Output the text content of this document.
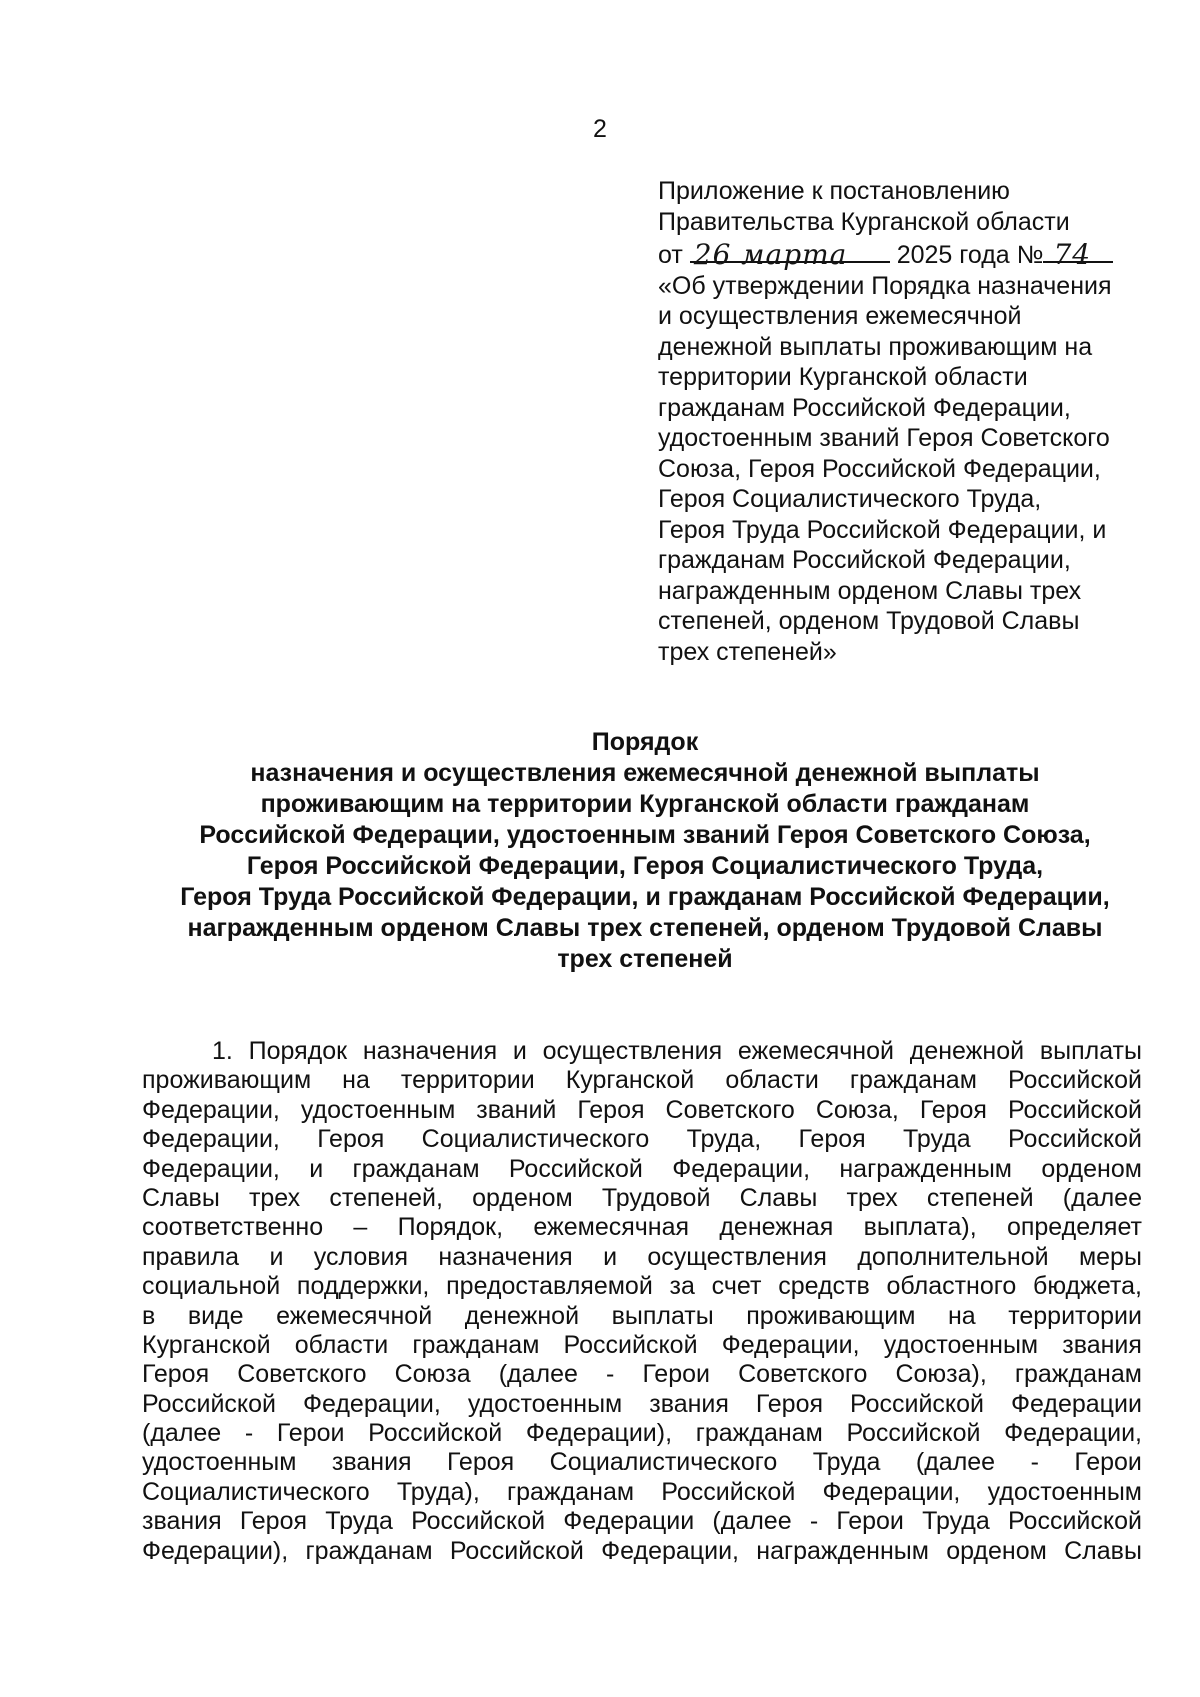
2
Приложение к постановлению
Правительства Курганской области
от 26 марта 2025 года № 74
«Об утверждении Порядка назначения
и осуществления ежемесячной
денежной выплаты проживающим на
территории Курганской области
гражданам Российской Федерации,
удостоенным званий Героя Советского
Союза, Героя Российской Федерации,
Героя Социалистического Труда,
Героя Труда Российской Федерации, и
гражданам Российской Федерации,
награжденным орденом Славы трех
степеней, орденом Трудовой Славы
трех степеней»
Порядок
назначения и осуществления ежемесячной денежной выплаты
проживающим на территории Курганской области гражданам
Российской Федерации, удостоенным званий Героя Советского Союза,
Героя Российской Федерации, Героя Социалистического Труда,
Героя Труда Российской Федерации, и гражданам Российской Федерации,
награжденным орденом Славы трех степеней, орденом Трудовой Славы
трех степеней
1. Порядок назначения и осуществления ежемесячной денежной выплаты
проживающим на территории Курганской области гражданам Российской
Федерации, удостоенным званий Героя Советского Союза, Героя Российской
Федерации, Героя Социалистического Труда, Героя Труда Российской
Федерации, и гражданам Российской Федерации, награжденным орденом
Славы трех степеней, орденом Трудовой Славы трех степеней (далее
соответственно – Порядок, ежемесячная денежная выплата), определяет
правила и условия назначения и осуществления дополнительной меры
социальной поддержки, предоставляемой за счет средств областного бюджета,
в виде ежемесячной денежной выплаты проживающим на территории
Курганской области гражданам Российской Федерации, удостоенным звания
Героя Советского Союза (далее - Герои Советского Союза), гражданам
Российской Федерации, удостоенным звания Героя Российской Федерации
(далее - Герои Российской Федерации), гражданам Российской Федерации,
удостоенным звания Героя Социалистического Труда (далее - Герои
Социалистического Труда), гражданам Российской Федерации, удостоенным
звания Героя Труда Российской Федерации (далее - Герои Труда Российской
Федерации), гражданам Российской Федерации, награжденным орденом Славы
